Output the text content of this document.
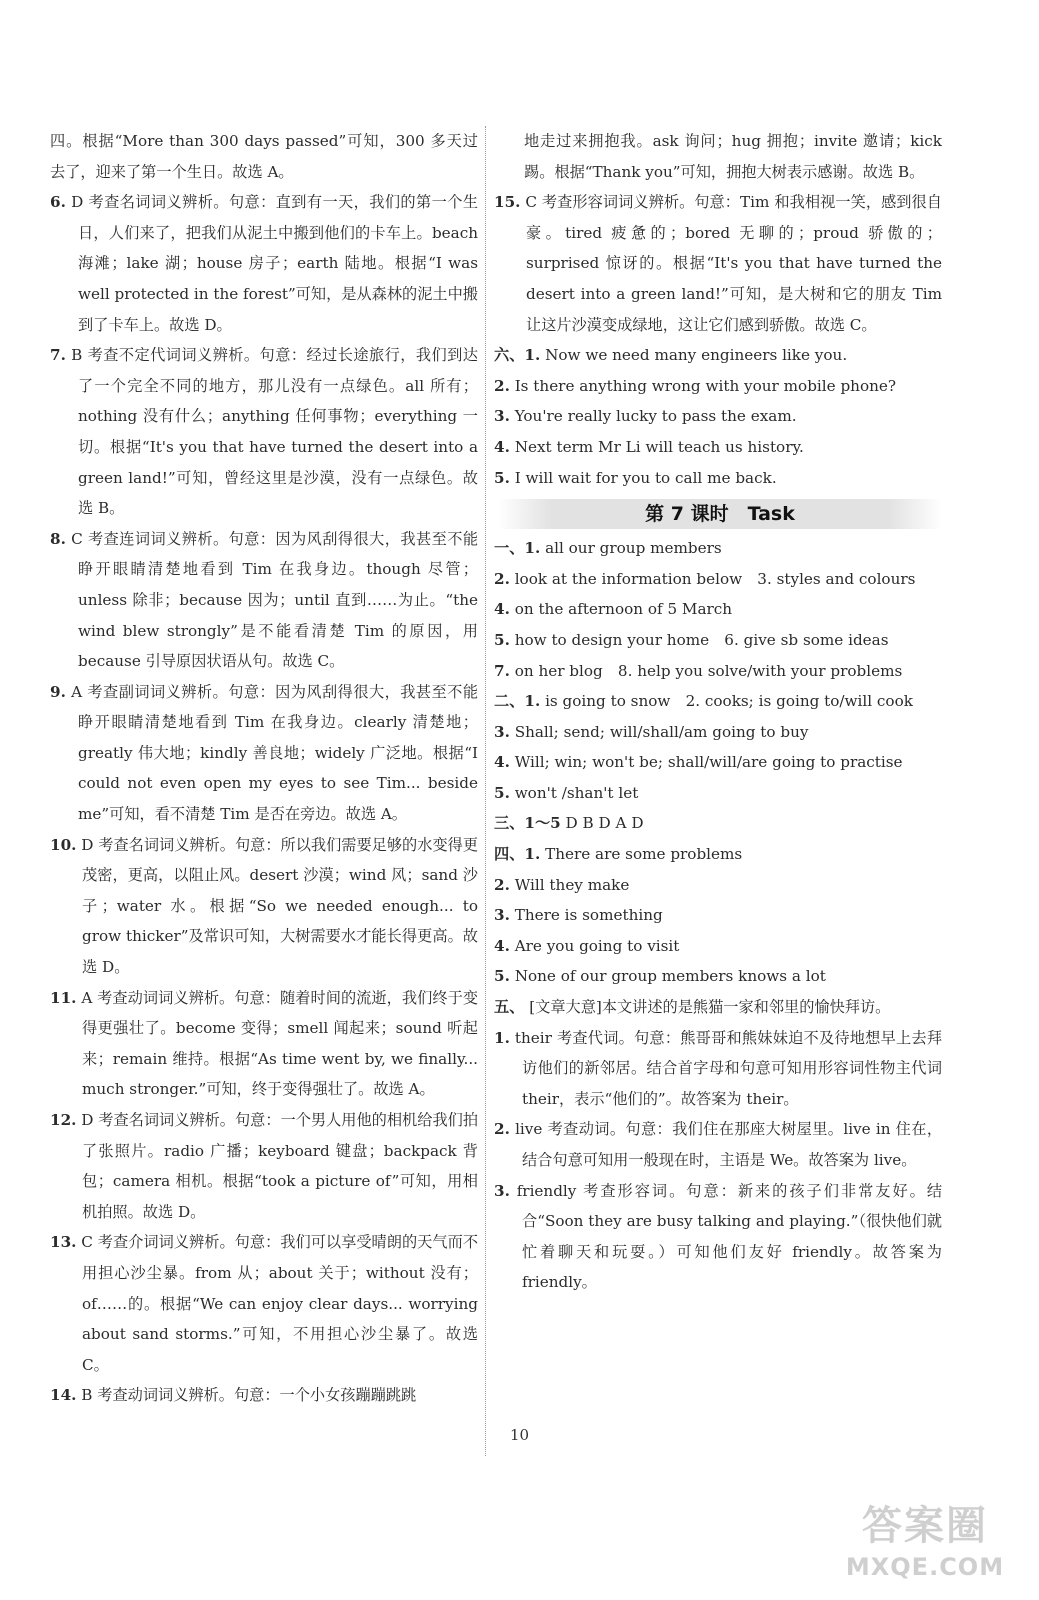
四。根据“More than 300 days passed”可知，300 多天过去了，迎来了第一个生日。故选 A。

6. D 考查名词词义辨析。句意：直到有一天，我们的第一个生日，人们来了，把我们从泥土中搬到他们的卡车上。beach 海滩；lake 湖；house 房子；earth 陆地。根据“I was well protected in the forest”可知，是从森林的泥土中搬到了卡车上。故选 D。

7. B 考查不定代词词义辨析。句意：经过长途旅行，我们到达了一个完全不同的地方，那儿没有一点绿色。all 所有；nothing 没有什么；anything 任何事物；everything 一切。根据“It's you that have turned the desert into a green land!”可知，曾经这里是沙漠，没有一点绿色。故选 B。

8. C 考查连词词义辨析。句意：因为风刮得很大，我甚至不能睁开眼睛清楚地看到 Tim 在我身边。though 尽管；unless 除非；because 因为；until 直到……为止。“the wind blew strongly”是不能看清楚 Tim 的原因，用 because 引导原因状语从句。故选 C。

9. A 考查副词词义辨析。句意：因为风刮得很大，我甚至不能睁开眼睛清楚地看到 Tim 在我身边。clearly 清楚地；greatly 伟大地；kindly 善良地；widely 广泛地。根据“I could not even open my eyes to see Tim... beside me”可知，看不清楚 Tim 是否在旁边。故选 A。

10. D 考查名词词义辨析。句意：所以我们需要足够的水变得更茂密，更高，以阻止风。desert 沙漠；wind 风；sand 沙子；water 水。根据“So we needed enough... to grow thicker”及常识可知，大树需要水才能长得更高。故选 D。

11. A 考查动词词义辨析。句意：随着时间的流逝，我们终于变得更强壮了。become 变得；smell 闻起来；sound 听起来；remain 维持。根据“As time went by, we finally... much stronger.”可知，终于变得强壮了。故选 A。

12. D 考查名词词义辨析。句意：一个男人用他的相机给我们拍了张照片。radio 广播；keyboard 键盘；backpack 背包；camera 相机。根据“took a picture of”可知，用相机拍照。故选 D。

13. C 考查介词词义辨析。句意：我们可以享受晴朗的天气而不用担心沙尘暴。from 从；about 关于；without 没有；of……的。根据“We can enjoy clear days... worrying about sand storms.”可知，不用担心沙尘暴了。故选 C。

14. B 考查动词词义辨析。句意：一个小女孩蹦蹦跳跳

地走过来拥抱我。ask 询问；hug 拥抱；invite 邀请；kick 踢。根据“Thank you”可知，拥抱大树表示感谢。故选 B。

15. C 考查形容词词义辨析。句意：Tim 和我相视一笑，感到很自豪。tired 疲惫的；bored 无聊的；proud 骄傲的；surprised 惊讶的。根据“It's you that have turned the desert into a green land!”可知，是大树和它的朋友 Tim 让这片沙漠变成绿地，这让它们感到骄傲。故选 C。

六、1. Now we need many engineers like you.

2. Is there anything wrong with your mobile phone?

3. You're really lucky to pass the exam.

4. Next term Mr Li will teach us history.

5. I will wait for you to call me back.

第 7 课时　Task

一、1. all our group members

2. look at the information below　3. styles and colours

4. on the afternoon of 5 March

5. how to design your home　6. give sb some ideas

7. on her blog　8. help you solve/with your problems

二、1. is going to snow　2. cooks; is going to/will cook

3. Shall; send; will/shall/am going to buy

4. Will; win; won't be; shall/will/are going to practise

5. won't /shan't let

三、1～5 D B D A D

四、1. There are some problems

2. Will they make

3. There is something

4. Are you going to visit

5. None of our group members knows a lot

五、 [文章大意]本文讲述的是熊猫一家和邻里的愉快拜访。

1. their 考查代词。句意：熊哥哥和熊妹妹迫不及待地想早上去拜访他们的新邻居。结合首字母和句意可知用形容词性物主代词 their，表示“他们的”。故答案为 their。

2. live 考查动词。句意：我们住在那座大树屋里。live in 住在，结合句意可知用一般现在时，主语是 We。故答案为 live。

3. friendly 考查形容词。句意：新来的孩子们非常友好。结合“Soon they are busy talking and playing.”（很快他们就忙着聊天和玩耍。）可知他们友好 friendly。故答案为 friendly。

10
答案圈
MXQE.COM
